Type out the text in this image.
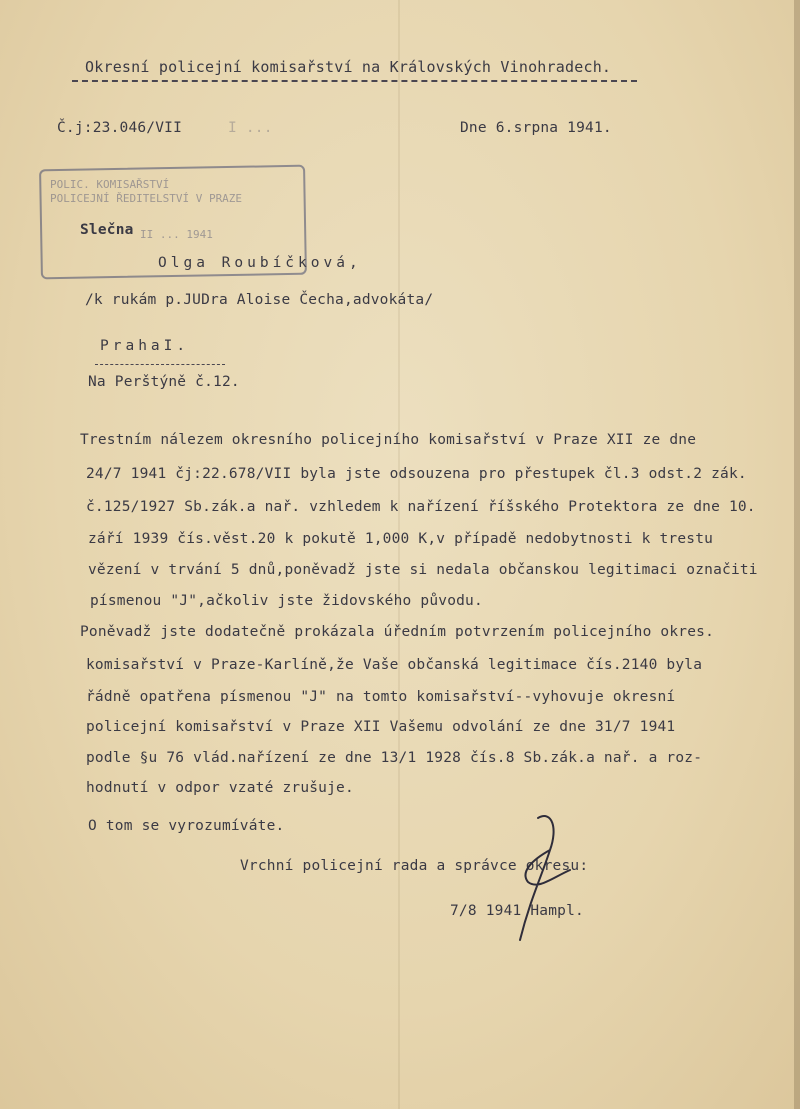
Okresní policejní komisařství na Královských Vinohradech.
Č.j:23.046/VII	I ...	Dne 6.srpna 1941.
POLIC. KOMISAŘSTVÍ
POLICEJNÍ ŘEDITELSTVÍ V PRAZE
II ... 1941
Slečna
Olga Roubíčková,
/k rukám p.JUDra Aloise Čecha,advokáta/
PrahaI.
Na Perštýně č.12.
Trestním nálezem okresního policejního komisařství v Praze XII ze dne
24/7 1941 čj:22.678/VII byla jste odsouzena pro přestupek čl.3 odst.2 zák.
č.125/1927 Sb.zák.a nař. vzhledem k nařízení říšského Protektora ze dne 10.
září 1939 čís.věst.20 k pokutě 1,000 K,v případě nedobytnosti k trestu
vězení v trvání 5 dnů,poněvadž jste si nedala občanskou legitimaci označiti
písmenou "J",ačkoliv jste židovského původu.
Poněvadž jste dodatečně prokázala úředním potvrzením policejního okres.
komisařství v Praze-Karlíně,že Vaše občanská legitimace čís.2140 byla
řádně opatřena písmenou "J" na tomto komisařství--vyhovuje okresní
policejní komisařství v Praze XII Vašemu odvolání ze dne 31/7 1941
podle §u 76 vlád.nařízení ze dne 13/1 1928 čís.8 Sb.zák.a nař. a roz-
hodnutí v odpor vzaté zrušuje.
O tom se vyrozumíváte.
Vrchní policejní rada a správce okresu:
7/8 1941 Hampl.
